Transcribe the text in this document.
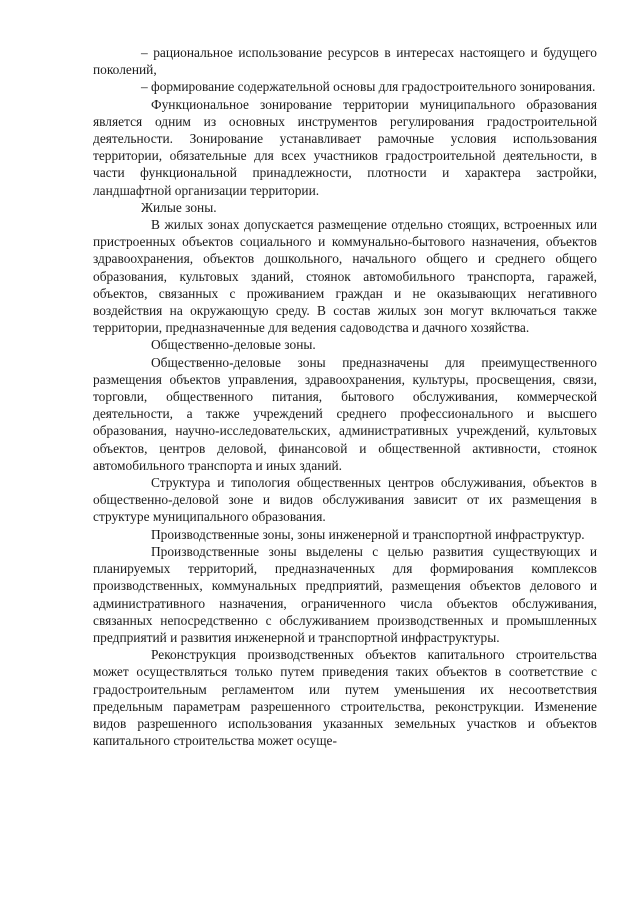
– рациональное использование ресурсов в интересах настоящего и будущего поколений,

– формирование содержательной основы для градостроительного зонирования.

Функциональное зонирование территории муниципального образования является одним из основных инструментов регулирования градостроительной деятельности. Зонирование устанавливает рамочные условия использования территории, обязательные для всех участников градостроительной деятельности, в части функциональной принадлежности, плотности и характера застройки, ландшафтной организации территории.

Жилые зоны.

В жилых зонах допускается размещение отдельно стоящих, встроенных или пристроенных объектов социального и коммунально-бытового назначения, объектов здравоохранения, объектов дошкольного, начального общего и среднего общего образования, культовых зданий, стоянок автомобильного транспорта, гаражей, объектов, связанных с проживанием граждан и не оказывающих негативного воздействия на окружающую среду. В состав жилых зон могут включаться также территории, предназначенные для ведения садоводства и дачного хозяйства.

Общественно-деловые зоны.

Общественно-деловые зоны предназначены для преимущественного размещения объектов управления, здравоохранения, культуры, просвещения, связи, торговли, общественного питания, бытового обслуживания, коммерческой деятельности, а также учреждений среднего профессионального и высшего образования, научно-исследовательских, административных учреждений, культовых объектов, центров деловой, финансовой и общественной активности, стоянок автомобильного транспорта и иных зданий.

Структура и типология общественных центров обслуживания, объектов в общественно-деловой зоне и видов обслуживания зависит от их размещения в структуре муниципального образования.

Производственные зоны, зоны инженерной и транспортной инфраструктур.

Производственные зоны выделены с целью развития существующих и планируемых территорий, предназначенных для формирования комплексов производственных, коммунальных предприятий, размещения объектов делового и административного назначения, ограниченного числа объектов обслуживания, связанных непосредственно с обслуживанием производственных и промышленных предприятий и развития инженерной и транспортной инфраструктуры.

Реконструкция производственных объектов капитального строительства может осуществляться только путем приведения таких объектов в соответствие с градостроительным регламентом или путем уменьшения их несоответствия предельным параметрам разрешенного строительства, реконструкции. Изменение видов разрешенного использования указанных земельных участков и объектов капитального строительства может осуще-
